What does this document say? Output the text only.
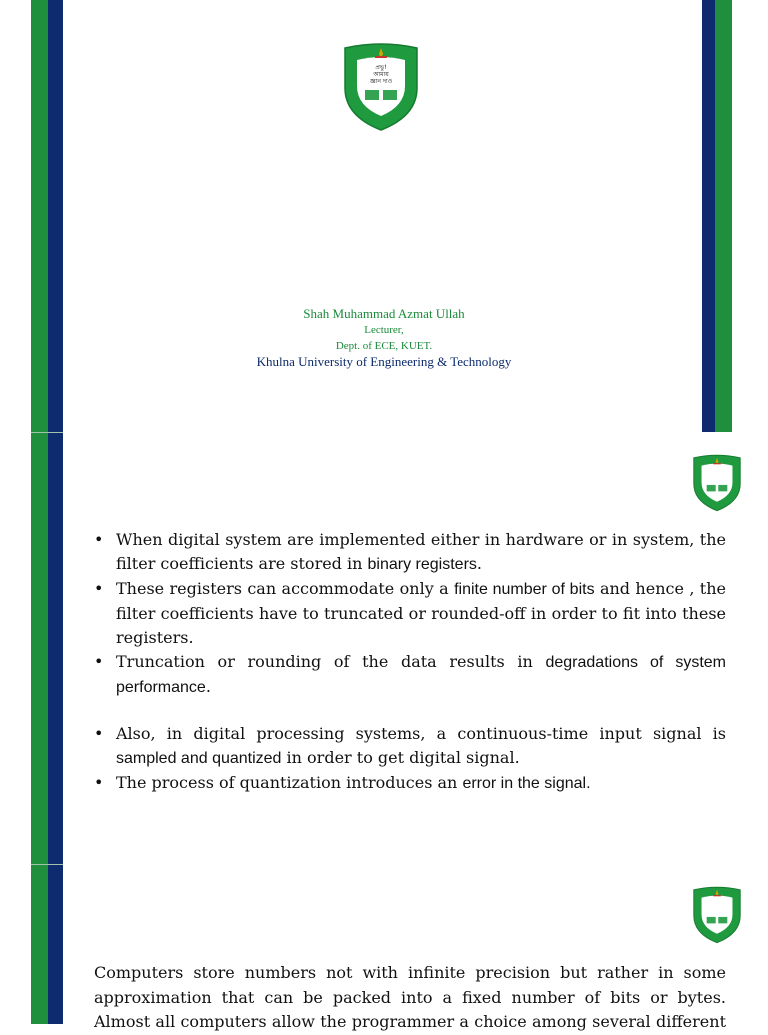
প্রভু!
আমায়
জ্ঞান দাও
Shah Muhammad Azmat Ullah
Lecturer,
Dept. of ECE, KUET.
Khulna University of Engineering & Technology
• When digital system are implemented either in hardware or in system, the filter coefficients are stored in binary registers.
• These registers can accommodate only a finite number of bits and hence , the filter coefficients have to truncated or rounded-off in order to fit into these registers.
• Truncation or rounding of the data results in degradations of system performance.
• Also, in digital processing systems, a continuous-time input signal is sampled and quantized in order to get digital signal.
• The process of quantization introduces an error in the signal.
Computers store numbers not with infinite precision but rather in some approximation that can be packed into a fixed number of bits or bytes. Almost all computers allow the programmer a choice among several different
